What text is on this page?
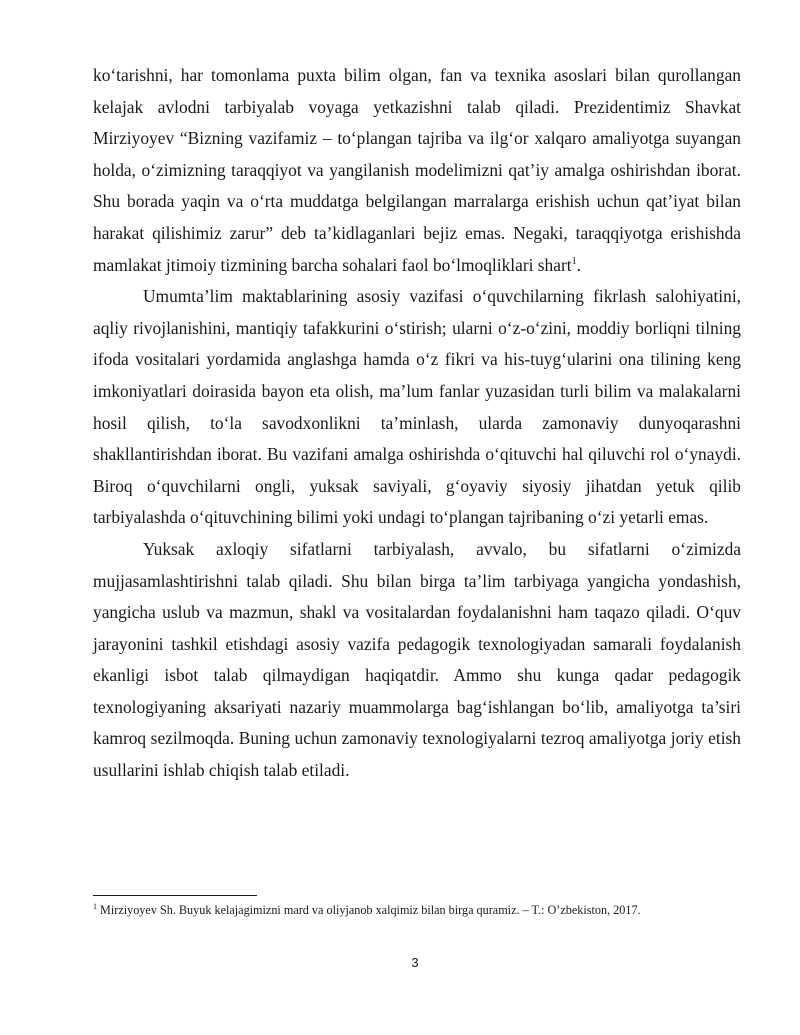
ko‘tarishni, har tomonlama puxta bilim olgan, fan va texnika asoslari bilan qurollangan kelajak avlodni tarbiyalab voyaga yetkazishni talab qiladi. Prezidentimiz Shavkat Mirziyoyev “Bizning vazifamiz – to‘plangan tajriba va ilg‘or xalqaro amaliyotga suyangan holda, o‘zimizning taraqqiyot va yangilanish modelimizni qat’iy amalga oshirishdan iborat. Shu borada yaqin va o‘rta muddatga belgilangan marralarga erishish uchun qat’iyat bilan harakat qilishimiz zarur” deb ta’kidlaganlari bejiz emas. Negaki, taraqqiyotga erishishda mamlakat jtimoiy tizmining barcha sohalari faol bo‘lmoqliklari shart$^1$.

Umumta’lim maktablarining asosiy vazifasi o‘quvchilarning fikrlash salohiyatini, aqliy rivojlanishini, mantiqiy tafakkurini o‘stirish; ularni o‘z-o‘zini, moddiy borliqni tilning ifoda vositalari yordamida anglashga hamda o‘z fikri va his-tuyg‘ularini ona tilining keng imkoniyatlari doirasida bayon eta olish, ma’lum fanlar yuzasidan turli bilim va malakalarni hosil qilish, to‘la savodxonlikni ta’minlash, ularda zamonaviy dunyoqarashni shakllantirishdan iborat. Bu vazifani amalga oshirishda o‘qituvchi hal qiluvchi rol o‘ynaydi. Biroq o‘quvchilarni ongli, yuksak saviyali, g‘oyaviy siyosiy jihatdan yetuk qilib tarbiyalashda o‘qituvchining bilimi yoki undagi to‘plangan tajribaning o‘zi yetarli emas.

Yuksak axloqiy sifatlarni tarbiyalash, avvalo, bu sifatlarni o‘zimizda mujjasamlashtirishni talab qiladi. Shu bilan birga ta’lim tarbiyaga yangicha yondashish, yangicha uslub va mazmun, shakl va vositalardan foydalanishni ham taqazo qiladi. O‘quv jarayonini tashkil etishdagi asosiy vazifa pedagogik texnologiyadan samarali foydalanish ekanligi isbot talab qilmaydigan haqiqatdir. Ammo shu kunga qadar pedagogik texnologiyaning aksariyati nazariy muammolarga bag‘ishlangan bo‘lib, amaliyotga ta’siri kamroq sezilmoqda. Buning uchun zamonaviy texnologiyalarni tezroq amaliyotga joriy etish usullarini ishlab chiqish talab etiladi.

$^1$ Mirziyoyev Sh. Buyuk kelajagimizni mard va oliyjanob xalqimiz bilan birga quramiz. – T.: O’zbekiston, 2017.
3
